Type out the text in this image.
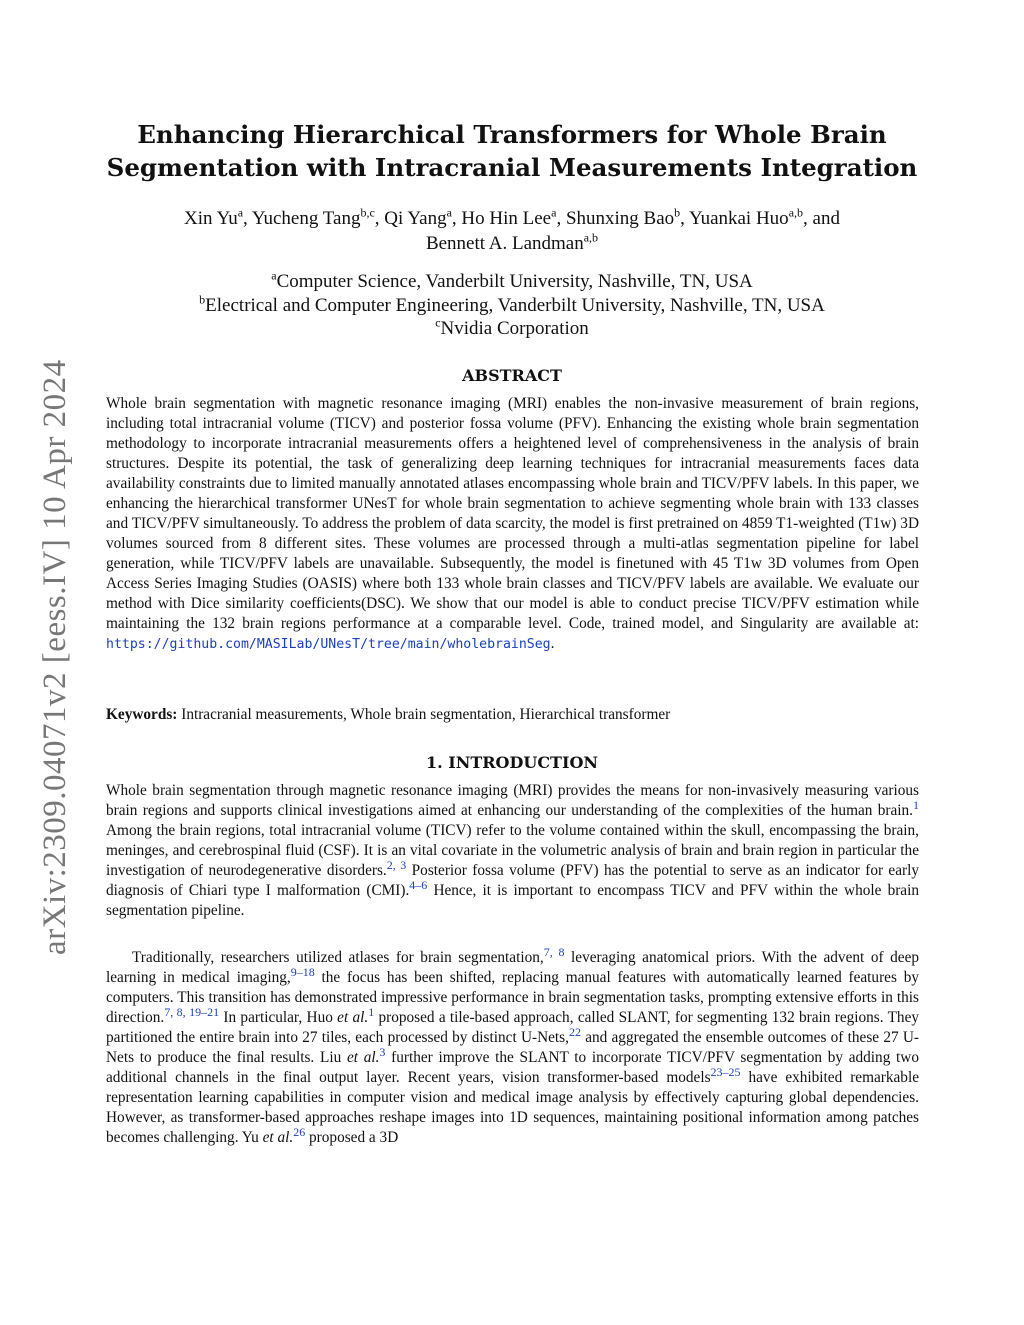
arXiv:2309.04071v2 [eess.IV] 10 Apr 2024
Enhancing Hierarchical Transformers for Whole Brain
Segmentation with Intracranial Measurements Integration
Xin Yu$^a$, Yucheng Tang$^{b,c}$, Qi Yang$^a$, Ho Hin Lee$^a$, Shunxing Bao$^b$, Yuankai Huo$^{a,b}$, and
Bennett A. Landman$^{a,b}$
$^a$Computer Science, Vanderbilt University, Nashville, TN, USA
$^b$Electrical and Computer Engineering, Vanderbilt University, Nashville, TN, USA
$^c$Nvidia Corporation
ABSTRACT

Whole brain segmentation with magnetic resonance imaging (MRI) enables the non-invasive measurement of brain regions, including total intracranial volume (TICV) and posterior fossa volume (PFV). Enhancing the existing whole brain segmentation methodology to incorporate intracranial measurements offers a heightened level of comprehensiveness in the analysis of brain structures. Despite its potential, the task of generalizing deep learning techniques for intracranial measurements faces data availability constraints due to limited manually annotated atlases encompassing whole brain and TICV/PFV labels. In this paper, we enhancing the hierarchical transformer UNesT for whole brain segmentation to achieve segmenting whole brain with 133 classes and TICV/PFV simultaneously. To address the problem of data scarcity, the model is first pretrained on 4859 T1-weighted (T1w) 3D volumes sourced from 8 different sites. These volumes are processed through a multi-atlas segmentation pipeline for label generation, while TICV/PFV labels are unavailable. Subsequently, the model is finetuned with 45 T1w 3D volumes from Open Access Series Imaging Studies (OASIS) where both 133 whole brain classes and TICV/PFV labels are available. We evaluate our method with Dice similarity coefficients(DSC). We show that our model is able to conduct precise TICV/PFV estimation while maintaining the 132 brain regions performance at a comparable level. Code, trained model, and Singularity are available at: https://github.com/MASILab/UNesT/tree/main/wholebrainSeg.

Keywords: Intracranial measurements, Whole brain segmentation, Hierarchical transformer

1. INTRODUCTION

Whole brain segmentation through magnetic resonance imaging (MRI) provides the means for non-invasively measuring various brain regions and supports clinical investigations aimed at enhancing our understanding of the complexities of the human brain.$^1$ Among the brain regions, total intracranial volume (TICV) refer to the volume contained within the skull, encompassing the brain, meninges, and cerebrospinal fluid (CSF). It is an vital covariate in the volumetric analysis of brain and brain region in particular the investigation of neurodegenerative disorders.$^{2, 3}$ Posterior fossa volume (PFV) has the potential to serve as an indicator for early diagnosis of Chiari type I malformation (CMI).$^{4-6}$ Hence, it is important to encompass TICV and PFV within the whole brain segmentation pipeline.

Traditionally, researchers utilized atlases for brain segmentation,$^{7, 8}$ leveraging anatomical priors. With the advent of deep learning in medical imaging,$^{9-18}$ the focus has been shifted, replacing manual features with automatically learned features by computers. This transition has demonstrated impressive performance in brain segmentation tasks, prompting extensive efforts in this direction.$^{7, 8, 19-21}$ In particular, Huo et al.$^1$ proposed a tile-based approach, called SLANT, for segmenting 132 brain regions. They partitioned the entire brain into 27 tiles, each processed by distinct U-Nets,$^{22}$ and aggregated the ensemble outcomes of these 27 U-Nets to produce the final results. Liu et al.$^3$ further improve the SLANT to incorporate TICV/PFV segmentation by adding two additional channels in the final output layer. Recent years, vision transformer-based models$^{23-25}$ have exhibited remarkable representation learning capabilities in computer vision and medical image analysis by effectively capturing global dependencies. However, as transformer-based approaches reshape images into 1D sequences, maintaining positional information among patches becomes challenging. Yu et al.$^{26}$ proposed a 3D
